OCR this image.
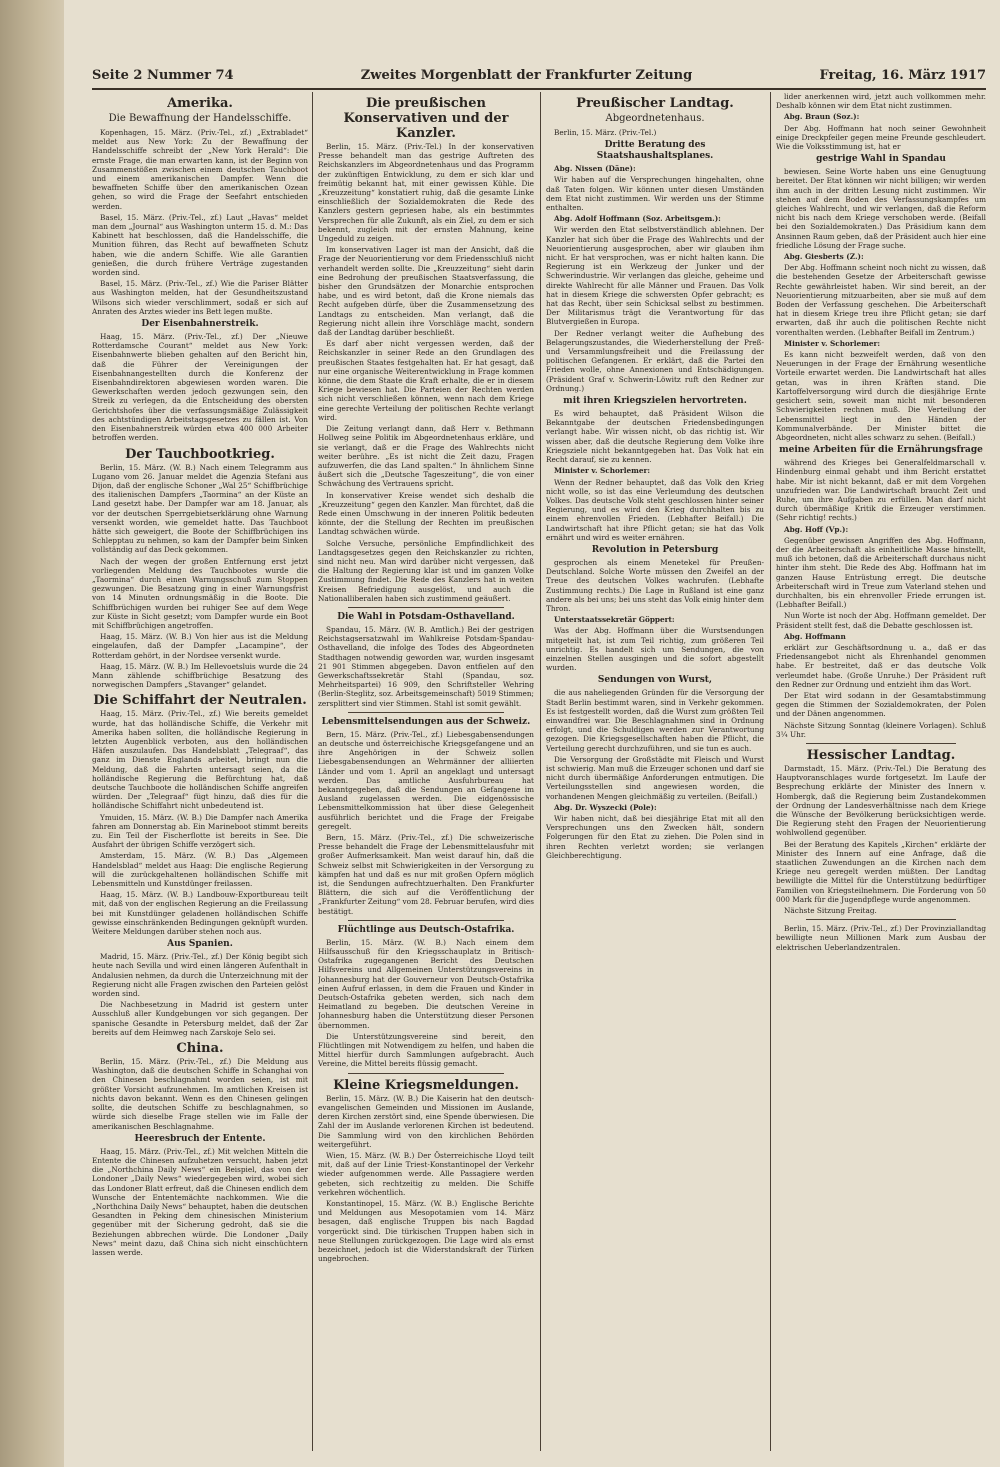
Seite 2 Nummer 74	Zweites Morgenblatt der Frankfurter Zeitung	Freitag, 16. März 1917
Amerika.
Die Bewaffnung der Handelsschiffe.

Kopenhagen, 15. März. (Priv.-Tel., zf.) „Extrabladet“ meldet aus New York: Zu der Bewaffnung der Handelsschiffe schreibt der „New York Herald“: Die ernste Frage, die man erwarten kann, ist der Beginn von Zusammenstößen zwischen einem deutschen Tauchboot und einem amerikanischen Dampfer. Wenn die bewaffneten Schiffe über den amerikanischen Ozean gehen, so wird die Frage der Seefahrt entschieden werden.

Basel, 15. März. (Priv.-Tel., zf.) Laut „Havas“ meldet man dem „Journal“ aus Washington unterm 15. d. M.: Das Kabinett hat beschlossen, daß die Handelsschiffe, die Munition führen, das Recht auf bewaffneten Schutz haben, wie die andern Schiffe. Wie alle Garantien genießen, die durch frühere Verträge zugestanden worden sind.

Basel, 15. März. (Priv.-Tel., zf.) Wie die Pariser Blätter aus Washington melden, hat der Gesundheitszustand Wilsons sich wieder verschlimmert, sodaß er sich auf Anraten des Arztes wieder ins Bett legen mußte.

Der Eisenbahnerstreik.

Haag, 15. März. (Priv.-Tel., zf.) Der „Nieuwe Rotterdamsche Courant“ meldet aus New York: Eisenbahnwerte blieben gehalten auf den Bericht hin, daß die Führer der Vereinigungen der Eisenbahnangestellten durch die Konferenz der Eisenbahndirektoren abgewiesen worden waren. Die Gewerkschaften werden jedoch gezwungen sein, den Streik zu verlegen, da die Entscheidung des obersten Gerichtshofes über die verfassungsmäßige Zulässigkeit des achtstündigen Arbeitstagsgesetzes zu fällen ist. Von den Eisenbahnerstreik würden etwa 400 000 Arbeiter betroffen werden.

Der Tauchbootkrieg.

Berlin, 15. März. (W. B.) Nach einem Telegramm aus Lugano vom 26. Januar meldet die Agenzia Stefani aus Dijon, daß der englische Schoner „Wal 25“ Schiffbrüchige des italienischen Dampfers „Taormina“ an der Küste an Land gesetzt habe. Der Dampfer war am 18. Januar, als vor der deutschen Sperrgebietserklärung ohne Warnung versenkt worden, wie gemeldet hatte. Das Tauchboot hätte sich geweigert, die Boote der Schiffbrüchigen ins Schlepptau zu nehmen, so kam der Dampfer beim Sinken vollständig auf das Deck gekommen.

Nach der wegen der großen Entfernung erst jetzt vorliegenden Meldung des Tauchbootes wurde die „Taormina“ durch einen Warnungsschuß zum Stoppen gezwungen. Die Besatzung ging in einer Warnungsfrist von 14 Minuten ordnungsmäßig in die Boote. Die Schiffbrüchigen wurden bei ruhiger See auf dem Wege zur Küste in Sicht gesetzt; vom Dampfer wurde ein Boot mit Schiffbrüchigen angetroffen.

Haag, 15. März. (W. B.) Von hier aus ist die Meldung eingelaufen, daß der Dampfer „Lacampine“, der Rotterdam gehört, in der Nordsee versenkt wurde.

Haag, 15. März. (W. B.) Im Hellevoetsluis wurde die 24 Mann zählende schiffbrüchige Besatzung des norwegischen Dampfers „Stavanger“ gelandet.

Die Schiffahrt der Neutralen.

Haag, 15. März. (Priv.-Tel., zf.) Wie bereits gemeldet wurde, hat das holländische Schiffe, die Verkehr mit Amerika haben sollten, die holländische Regierung in letzten Augenblick verboten, aus den holländischen Häfen auszulaufen. Das Handelsblatt „Telegraaf“, das ganz im Dienste Englands arbeitet, bringt nun die Meldung, daß die Fahrten untersagt seien, da die holländische Regierung die Befürchtung hat, daß deutsche Tauchboote die holländischen Schiffe angreifen würden. Der „Telegraaf“ fügt hinzu, daß dies für die holländische Schiffahrt nicht unbedeutend ist.

Ymuiden, 15. März. (W. B.) Die Dampfer nach Amerika fahren am Donnerstag ab. Ein Marineboot stimmt bereits zu. Ein Teil der Fischerflotte ist bereits in See. Die Ausfahrt der übrigen Schiffe verzögert sich.

Amsterdam, 15. März. (W. B.) Das „Algemeen Handelsblad“ meldet aus Haag: Die englische Regierung will die zurückgehaltenen holländischen Schiffe mit Lebensmitteln und Kunstdünger freilassen.

Haag, 15. März. (W. B.) Landbouw-Exportbureau teilt mit, daß von der englischen Regierung an die Freilassung bei mit Kunstdünger geladenen holländischen Schiffe gewisse einschränkenden Bedingungen geknüpft wurden. Weitere Meldungen darüber stehen noch aus.

Aus Spanien.

Madrid, 15. März. (Priv.-Tel., zf.) Der König begibt sich heute nach Sevilla und wird einen längeren Aufenthalt in Andalusien nehmen, da durch die Unterzeichnung mit der Regierung nicht alle Fragen zwischen den Parteien gelöst worden sind.

Die Nachbesetzung in Madrid ist gestern unter Ausschluß aller Kundgebungen vor sich gegangen. Der spanische Gesandte in Petersburg meldet, daß der Zar bereits auf dem Heimweg nach Zarskoje Selo sei.

China.

Berlin, 15. März. (Priv.-Tel., zf.) Die Meldung aus Washington, daß die deutschen Schiffe in Schanghai von den Chinesen beschlagnahmt worden seien, ist mit größter Vorsicht aufzunehmen. Im amtlichen Kreisen ist nichts davon bekannt. Wenn es den Chinesen gelingen sollte, die deutschen Schiffe zu beschlagnahmen, so würde sich dieselbe Frage stellen wie im Falle der amerikanischen Beschlagnahme.

Heeresbruch der Entente.

Haag, 15. März. (Priv.-Tel., zf.) Mit welchen Mitteln die Entente die Chinesen aufzuhetzen versucht, haben jetzt die „Northchina Daily News“ ein Beispiel, das von der Londoner „Daily News“ wiedergegeben wird, wobei sich das Londoner Blatt erfreut, daß die Chinesen endlich dem Wunsche der Ententemächte nachkommen. Wie die „Northchina Daily News“ behauptet, haben die deutschen Gesandten in Peking dem chinesischen Ministerium gegenüber mit der Sicherung gedroht, daß sie die Beziehungen abbrechen würde. Die Londoner „Daily News“ meint dazu, daß China sich nicht einschüchtern lassen werde.

Die preußischen Konservativen und der Kanzler.

Berlin, 15. März. (Priv.-Tel.) In der konservativen Presse behandelt man das gestrige Auftreten des Reichskanzlers im Abgeordnetenhaus und das Programm der zukünftigen Entwicklung, zu dem er sich klar und freimütig bekannt hat, mit einer gewissen Kühle. Die „Kreuzzeitung“ konstatiert ruhig, daß die gesamte Linke einschließlich der Sozialdemokraten die Rede des Kanzlers gestern gepriesen habe, als ein bestimmtes Versprechen für alle Zukunft, als ein Ziel, zu dem er sich bekennt, zugleich mit der ernsten Mahnung, keine Ungeduld zu zeigen.

Im konservativen Lager ist man der Ansicht, daß die Frage der Neuorientierung vor dem Friedensschluß nicht verhandelt werden sollte. Die „Kreuzzeitung“ sieht darin eine Bedrohung der preußischen Staatsverfassung, die bisher den Grundsätzen der Monarchie entsprochen habe, und es wird betont, daß die Krone niemals das Recht aufgeben dürfe, über die Zusammensetzung des Landtags zu entscheiden. Man verlangt, daß die Regierung nicht allein ihre Vorschläge macht, sondern daß der Landtag darüber beschließt.

Es darf aber nicht vergessen werden, daß der Reichskanzler in seiner Rede an den Grundlagen des preußischen Staates festgehalten hat. Er hat gesagt, daß nur eine organische Weiterentwicklung in Frage kommen könne, die dem Staate die Kraft erhalte, die er in diesem Kriege bewiesen hat. Die Parteien der Rechten werden sich nicht verschließen können, wenn nach dem Kriege eine gerechte Verteilung der politischen Rechte verlangt wird.

Die Zeitung verlangt dann, daß Herr v. Bethmann Hollweg seine Politik im Abgeordnetenhaus erkläre, und sie verlangt, daß er die Frage des Wahlrechts nicht weiter berühre. „Es ist nicht die Zeit dazu, Fragen aufzuwerfen, die das Land spalten.“ In ähnlichem Sinne äußert sich die „Deutsche Tageszeitung“, die von einer Schwächung des Vertrauens spricht.

In konservativer Kreise wendet sich deshalb die „Kreuzzeitung“ gegen den Kanzler. Man fürchtet, daß die Rede einen Umschwung in der inneren Politik bedeuten könnte, der die Stellung der Rechten im preußischen Landtag schwächen würde.

Solche Versuche, persönliche Empfindlichkeit des Landtagsgesetzes gegen den Reichskanzler zu richten, sind nicht neu. Man wird darüber nicht vergessen, daß die Haltung der Regierung klar ist und im ganzen Volke Zustimmung findet. Die Rede des Kanzlers hat in weiten Kreisen Befriedigung ausgelöst, und auch die Nationalliberalen haben sich zustimmend geäußert.

Die Wahl in Potsdam-Osthavelland.

Spandau, 15. März. (W. B. Amtlich.) Bei der gestrigen Reichstagsersatzwahl im Wahlkreise Potsdam-Spandau-Osthavelland, die infolge des Todes des Abgeordneten Stadthagen notwendig geworden war, wurden insgesamt 21 901 Stimmen abgegeben. Davon entfielen auf den Gewerkschaftssekretär Stahl (Spandau, soz. Mehrheitspartei) 16 909, den Schriftsteller Wehring (Berlin-Steglitz, soz. Arbeitsgemeinschaft) 5019 Stimmen; zersplittert sind vier Stimmen. Stahl ist somit gewählt.

Lebensmittelsendungen aus der Schweiz.

Bern, 15. März. (Priv.-Tel., zf.) Liebesgabensendungen an deutsche und österreichische Kriegsgefangene und an ihre Angehörigen in der Schweiz sollen Liebesgabensendungen an Wehrmänner der alliierten Länder und vom 1. April an angeklagt und untersagt werden. Das amtliche Ausfuhrbureau hat bekanntgegeben, daß die Sendungen an Gefangene im Ausland zugelassen werden. Die eidgenössische Lebensmittelkommission hat über diese Gelegenheit ausführlich berichtet und die Frage der Freigabe geregelt.

Bern, 15. März. (Priv.-Tel., zf.) Die schweizerische Presse behandelt die Frage der Lebensmittelausfuhr mit großer Aufmerksamkeit. Man weist darauf hin, daß die Schweiz selbst mit Schwierigkeiten in der Versorgung zu kämpfen hat und daß es nur mit großen Opfern möglich ist, die Sendungen aufrechtzuerhalten. Den Frankfurter Blättern, die sich auf die Veröffentlichung der „Frankfurter Zeitung“ vom 28. Februar berufen, wird dies bestätigt.

Flüchtlinge aus Deutsch-Ostafrika.

Berlin, 15. März. (W. B.) Nach einem dem Hilfsausschuß für den Kriegsschauplatz in Britisch-Ostafrika zugegangenen Bericht des Deutschen Hilfsvereins und Allgemeinen Unterstützungsvereins in Johannesburg hat der Gouverneur von Deutsch-Ostafrika einen Aufruf erlassen, in dem die Frauen und Kinder in Deutsch-Ostafrika gebeten werden, sich nach dem Heimatland zu begeben. Die deutschen Vereine in Johannesburg haben die Unterstützung dieser Personen übernommen.

Die Unterstützungsvereine sind bereit, den Flüchtlingen mit Notwendigem zu helfen, und haben die Mittel hierfür durch Sammlungen aufgebracht. Auch Vereine, die Mittel bereits flüssig gemacht.

Kleine Kriegsmeldungen.

Berlin, 15. März. (W. B.) Die Kaiserin hat den deutsch-evangelischen Gemeinden und Missionen im Auslande, deren Kirchen zerstört sind, eine Spende überwiesen. Die Zahl der im Auslande verlorenen Kirchen ist bedeutend. Die Sammlung wird von den kirchlichen Behörden weitergeführt.

Wien, 15. März. (W. B.) Der Österreichische Lloyd teilt mit, daß auf der Linie Triest-Konstantinopel der Verkehr wieder aufgenommen werde. Alle Passagiere werden gebeten, sich rechtzeitig zu melden. Die Schiffe verkehren wöchentlich.

Konstantinopel, 15. März. (W. B.) Englische Berichte und Meldungen aus Mesopotamien vom 14. März besagen, daß englische Truppen bis nach Bagdad vorgerückt sind. Die türkischen Truppen haben sich in neue Stellungen zurückgezogen. Die Lage wird als ernst bezeichnet, jedoch ist die Widerstandskraft der Türken ungebrochen.

Preußischer Landtag.
Abgeordnetenhaus.

Berlin, 15. März. (Priv.-Tel.)

Dritte Beratung des Staatshaushaltsplanes.

Abg. Nissen (Däne):

Wir haben auf die Versprechungen hingehalten, ohne daß Taten folgen. Wir können unter diesen Umständen dem Etat nicht zustimmen. Wir werden uns der Stimme enthalten.

Abg. Adolf Hoffmann (Soz. Arbeitsgem.):

Wir werden den Etat selbstverständlich ablehnen. Der Kanzler hat sich über die Frage des Wahlrechts und der Neuorientierung ausgesprochen, aber wir glauben ihm nicht. Er hat versprochen, was er nicht halten kann. Die Regierung ist ein Werkzeug der Junker und der Schwerindustrie. Wir verlangen das gleiche, geheime und direkte Wahlrecht für alle Männer und Frauen. Das Volk hat in diesem Kriege die schwersten Opfer gebracht; es hat das Recht, über sein Schicksal selbst zu bestimmen. Der Militarismus trägt die Verantwortung für das Blutvergießen in Europa.

Der Redner verlangt weiter die Aufhebung des Belagerungszustandes, die Wiederherstellung der Preß- und Versammlungsfreiheit und die Freilassung der politischen Gefangenen. Er erklärt, daß die Partei den Frieden wolle, ohne Annexionen und Entschädigungen. (Präsident Graf v. Schwerin-Löwitz ruft den Redner zur Ordnung.)

mit ihren Kriegszielen hervortreten.

Es wird behauptet, daß Präsident Wilson die Bekanntgabe der deutschen Friedensbedingungen verlangt habe. Wir wissen nicht, ob das richtig ist. Wir wissen aber, daß die deutsche Regierung dem Volke ihre Kriegsziele nicht bekanntgegeben hat. Das Volk hat ein Recht darauf, sie zu kennen.

Minister v. Schorlemer:

Wenn der Redner behauptet, daß das Volk den Krieg nicht wolle, so ist das eine Verleumdung des deutschen Volkes. Das deutsche Volk steht geschlossen hinter seiner Regierung, und es wird den Krieg durchhalten bis zu einem ehrenvollen Frieden. (Lebhafter Beifall.) Die Landwirtschaft hat ihre Pflicht getan; sie hat das Volk ernährt und wird es weiter ernähren.

Revolution in Petersburg

gesprochen als einem Menetekel für Preußen-Deutschland. Solche Worte müssen den Zweifel an der Treue des deutschen Volkes wachrufen. (Lebhafte Zustimmung rechts.) Die Lage in Rußland ist eine ganz andere als bei uns; bei uns steht das Volk einig hinter dem Thron.

Unterstaatssekretär Göppert:

Was der Abg. Hoffmann über die Wurstsendungen mitgeteilt hat, ist zum Teil richtig, zum größeren Teil unrichtig. Es handelt sich um Sendungen, die von einzelnen Stellen ausgingen und die sofort abgestellt wurden.

Sendungen von Wurst,

die aus naheliegenden Gründen für die Versorgung der Stadt Berlin bestimmt waren, sind in Verkehr gekommen. Es ist festgestellt worden, daß die Wurst zum größten Teil einwandfrei war. Die Beschlagnahmen sind in Ordnung erfolgt, und die Schuldigen werden zur Verantwortung gezogen. Die Kriegsgesellschaften haben die Pflicht, die Verteilung gerecht durchzuführen, und sie tun es auch.

Die Versorgung der Großstädte mit Fleisch und Wurst ist schwierig. Man muß die Erzeuger schonen und darf sie nicht durch übermäßige Anforderungen entmutigen. Die Verteilungsstellen sind angewiesen worden, die vorhandenen Mengen gleichmäßig zu verteilen. (Beifall.)

Abg. Dr. Wyszecki (Pole):

Wir haben nicht, daß bei diesjährige Etat mit all den Versprechungen uns den Zwecken hält, sondern Folgerungen für den Etat zu ziehen. Die Polen sind in ihren Rechten verletzt worden; sie verlangen Gleichberechtigung.

lider anerkennen wird, jetzt auch vollkommen mehr. Deshalb können wir dem Etat nicht zustimmen.

Abg. Braun (Soz.):

Der Abg. Hoffmann hat noch seiner Gewohnheit einige Dreckpfeiler gegen meine Freunde geschleudert. Wie die Volksstimmung ist, hat er

gestrige Wahl in Spandau

bewiesen. Seine Worte haben uns eine Genugtuung bereitet. Der Etat können wir nicht billigen; wir werden ihm auch in der dritten Lesung nicht zustimmen. Wir stehen auf dem Boden des Verfassungskampfes um gleiches Wahlrecht, und wir verlangen, daß die Reform nicht bis nach dem Kriege verschoben werde. (Beifall bei den Sozialdemokraten.) Das Präsidium kann dem Ansinnen Raum geben, daß der Präsident auch hier eine friedliche Lösung der Frage suche.

Abg. Giesberts (Z.):

Der Abg. Hoffmann scheint noch nicht zu wissen, daß die bestehenden Gesetze der Arbeiterschaft gewisse Rechte gewährleistet haben. Wir sind bereit, an der Neuorientierung mitzuarbeiten, aber sie muß auf dem Boden der Verfassung geschehen. Die Arbeiterschaft hat in diesem Kriege treu ihre Pflicht getan; sie darf erwarten, daß ihr auch die politischen Rechte nicht vorenthalten werden. (Lebhafter Beifall im Zentrum.)

Minister v. Schorlemer:

Es kann nicht bezweifelt werden, daß von den Neuerungen in der Frage der Ernährung wesentliche Vorteile erwartet werden. Die Landwirtschaft hat alles getan, was in ihren Kräften stand. Die Kartoffelversorgung wird durch die diesjährige Ernte gesichert sein, soweit man nicht mit besonderen Schwierigkeiten rechnen muß. Die Verteilung der Lebensmittel liegt in den Händen der Kommunalverbände. Der Minister bittet die Abgeordneten, nicht alles schwarz zu sehen. (Beifall.)

meine Arbeiten für die Ernährungsfrage

während des Krieges bei Generalfeldmarschall v. Hindenburg einmal gehabt und ihm Bericht erstattet habe. Mir ist nicht bekannt, daß er mit dem Vorgehen unzufrieden war. Die Landwirtschaft braucht Zeit und Ruhe, um ihre Aufgaben zu erfüllen. Man darf nicht durch übermäßige Kritik die Erzeuger verstimmen. (Sehr richtig! rechts.)

Abg. Hoff (Vp.):

Gegenüber gewissen Angriffen des Abg. Hoffmann, der die Arbeiterschaft als einheitliche Masse hinstellt, muß ich betonen, daß die Arbeiterschaft durchaus nicht hinter ihm steht. Die Rede des Abg. Hoffmann hat im ganzen Hause Entrüstung erregt. Die deutsche Arbeiterschaft wird in Treue zum Vaterland stehen und durchhalten, bis ein ehrenvoller Friede errungen ist. (Lebhafter Beifall.)

Nun Worte ist noch der Abg. Hoffmann gemeldet. Der Präsident stellt fest, daß die Debatte geschlossen ist.

Abg. Hoffmann

erklärt zur Geschäftsordnung u. a., daß er das Friedensangebot nicht als Ehrenhandel genommen habe. Er bestreitet, daß er das deutsche Volk verleumdet habe. (Große Unruhe.) Der Präsident ruft den Redner zur Ordnung und entzieht ihm das Wort.

Der Etat wird sodann in der Gesamtabstimmung gegen die Stimmen der Sozialdemokraten, der Polen und der Dänen angenommen.

Nächste Sitzung Sonntag (kleinere Vorlagen). Schluß 3¼ Uhr.

Hessischer Landtag.

Darmstadt, 15. März. (Priv.-Tel.) Die Beratung des Hauptvoranschlages wurde fortgesetzt. Im Laufe der Besprechung erklärte der Minister des Innern v. Hombergk, daß die Regierung beim Zustandekommen der Ordnung der Landesverhältnisse nach dem Kriege die Wünsche der Bevölkerung berücksichtigen werde. Die Regierung steht den Fragen der Neuorientierung wohlwollend gegenüber.

Bei der Beratung des Kapitels „Kirchen“ erklärte der Minister des Innern auf eine Anfrage, daß die staatlichen Zuwendungen an die Kirchen nach dem Kriege neu geregelt werden müßten. Der Landtag bewilligte die Mittel für die Unterstützung bedürftiger Familien von Kriegsteilnehmern. Die Forderung von 50 000 Mark für die Jugendpflege wurde angenommen.

Nächste Sitzung Freitag.

Berlin, 15. März. (Priv.-Tel., zf.) Der Provinziallandtag bewilligte neun Millionen Mark zum Ausbau der elektrischen Ueberlandzentralen.
